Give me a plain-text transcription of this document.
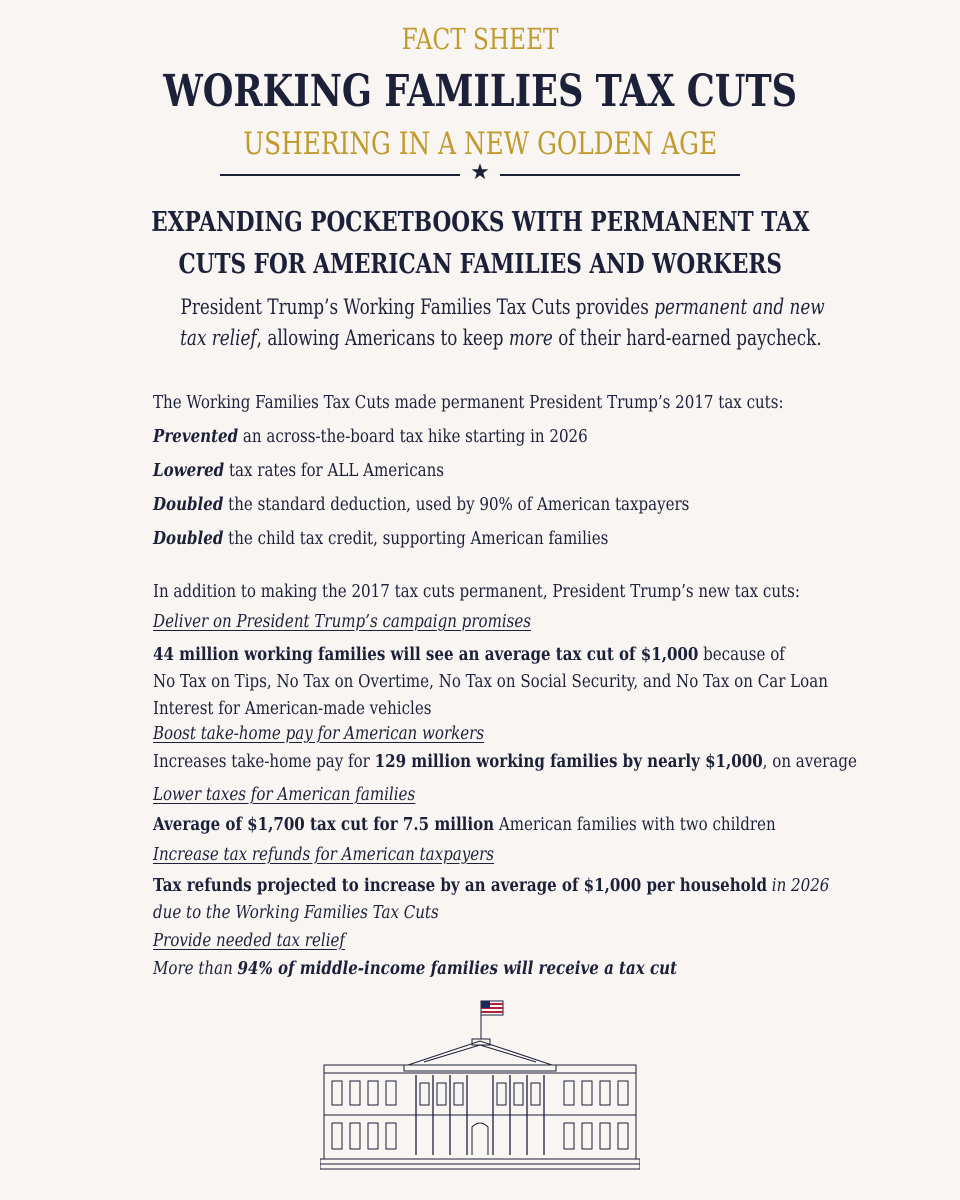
FACT SHEET
WORKING FAMILIES TAX CUTS
USHERING IN A NEW GOLDEN AGE
★
EXPANDING POCKETBOOKS WITH PERMANENT TAX
CUTS FOR AMERICAN FAMILIES AND WORKERS
President Trump’s Working Families Tax Cuts provides permanent and new
tax relief, allowing Americans to keep more of their hard-earned paycheck.
The Working Families Tax Cuts made permanent President Trump’s 2017 tax cuts:
Prevented an across-the-board tax hike starting in 2026
Lowered tax rates for ALL Americans
Doubled the standard deduction, used by 90% of American taxpayers
Doubled the child tax credit, supporting American families
In addition to making the 2017 tax cuts permanent, President Trump’s new tax cuts:
Deliver on President Trump’s campaign promises
44 million working families will see an average tax cut of $1,000 because of
No Tax on Tips, No Tax on Overtime, No Tax on Social Security, and No Tax on Car Loan
Interest for American-made vehicles
Boost take-home pay for American workers
Increases take-home pay for 129 million working families by nearly $1,000, on average
Lower taxes for American families
Average of $1,700 tax cut for 7.5 million American families with two children
Increase tax refunds for American taxpayers
Tax refunds projected to increase by an average of $1,000 per household in 2026
due to the Working Families Tax Cuts
Provide needed tax relief
More than 94% of middle-income families will receive a tax cut
